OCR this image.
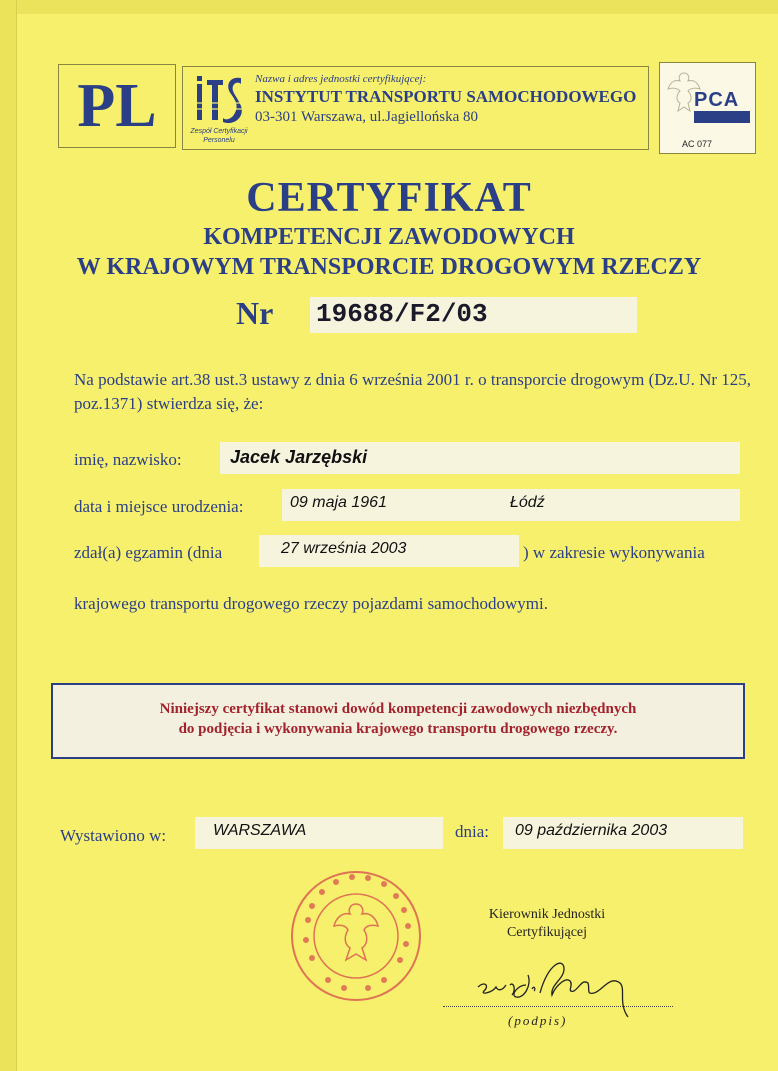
PL	Zespół Certyfikacji Personelu
Nazwa i adres jednostki certyfikującej:
INSTYTUT TRANSPORTU SAMOCHODOWEGO
03-301 Warszawa, ul.Jagiellońska 80
PCA
AC 077
CERTYFIKAT
KOMPETENCJI ZAWODOWYCH
W KRAJOWYM TRANSPORCIE DROGOWYM RZECZY
Nr 19688/F2/03
Na podstawie art.38 ust.3 ustawy z dnia 6 września 2001 r. o transporcie drogowym (Dz.U. Nr 125, poz.1371) stwierdza się, że:
imię, nazwisko:	Jacek Jarzębski
data i miejsce urodzenia:	09 maja 1961	Łódź
zdał(a) egzamin (dnia	27 września 2003	) w zakresie wykonywania
krajowego transportu drogowego rzeczy pojazdami samochodowymi.
Niniejszy certyfikat stanowi dowód kompetencji zawodowych niezbędnych
do podjęcia i wykonywania krajowego transportu drogowego rzeczy.
Wystawiono w:	WARSZAWA	dnia: 09 października 2003
Kierownik Jednostki
Certyfikującej
(podpis)
